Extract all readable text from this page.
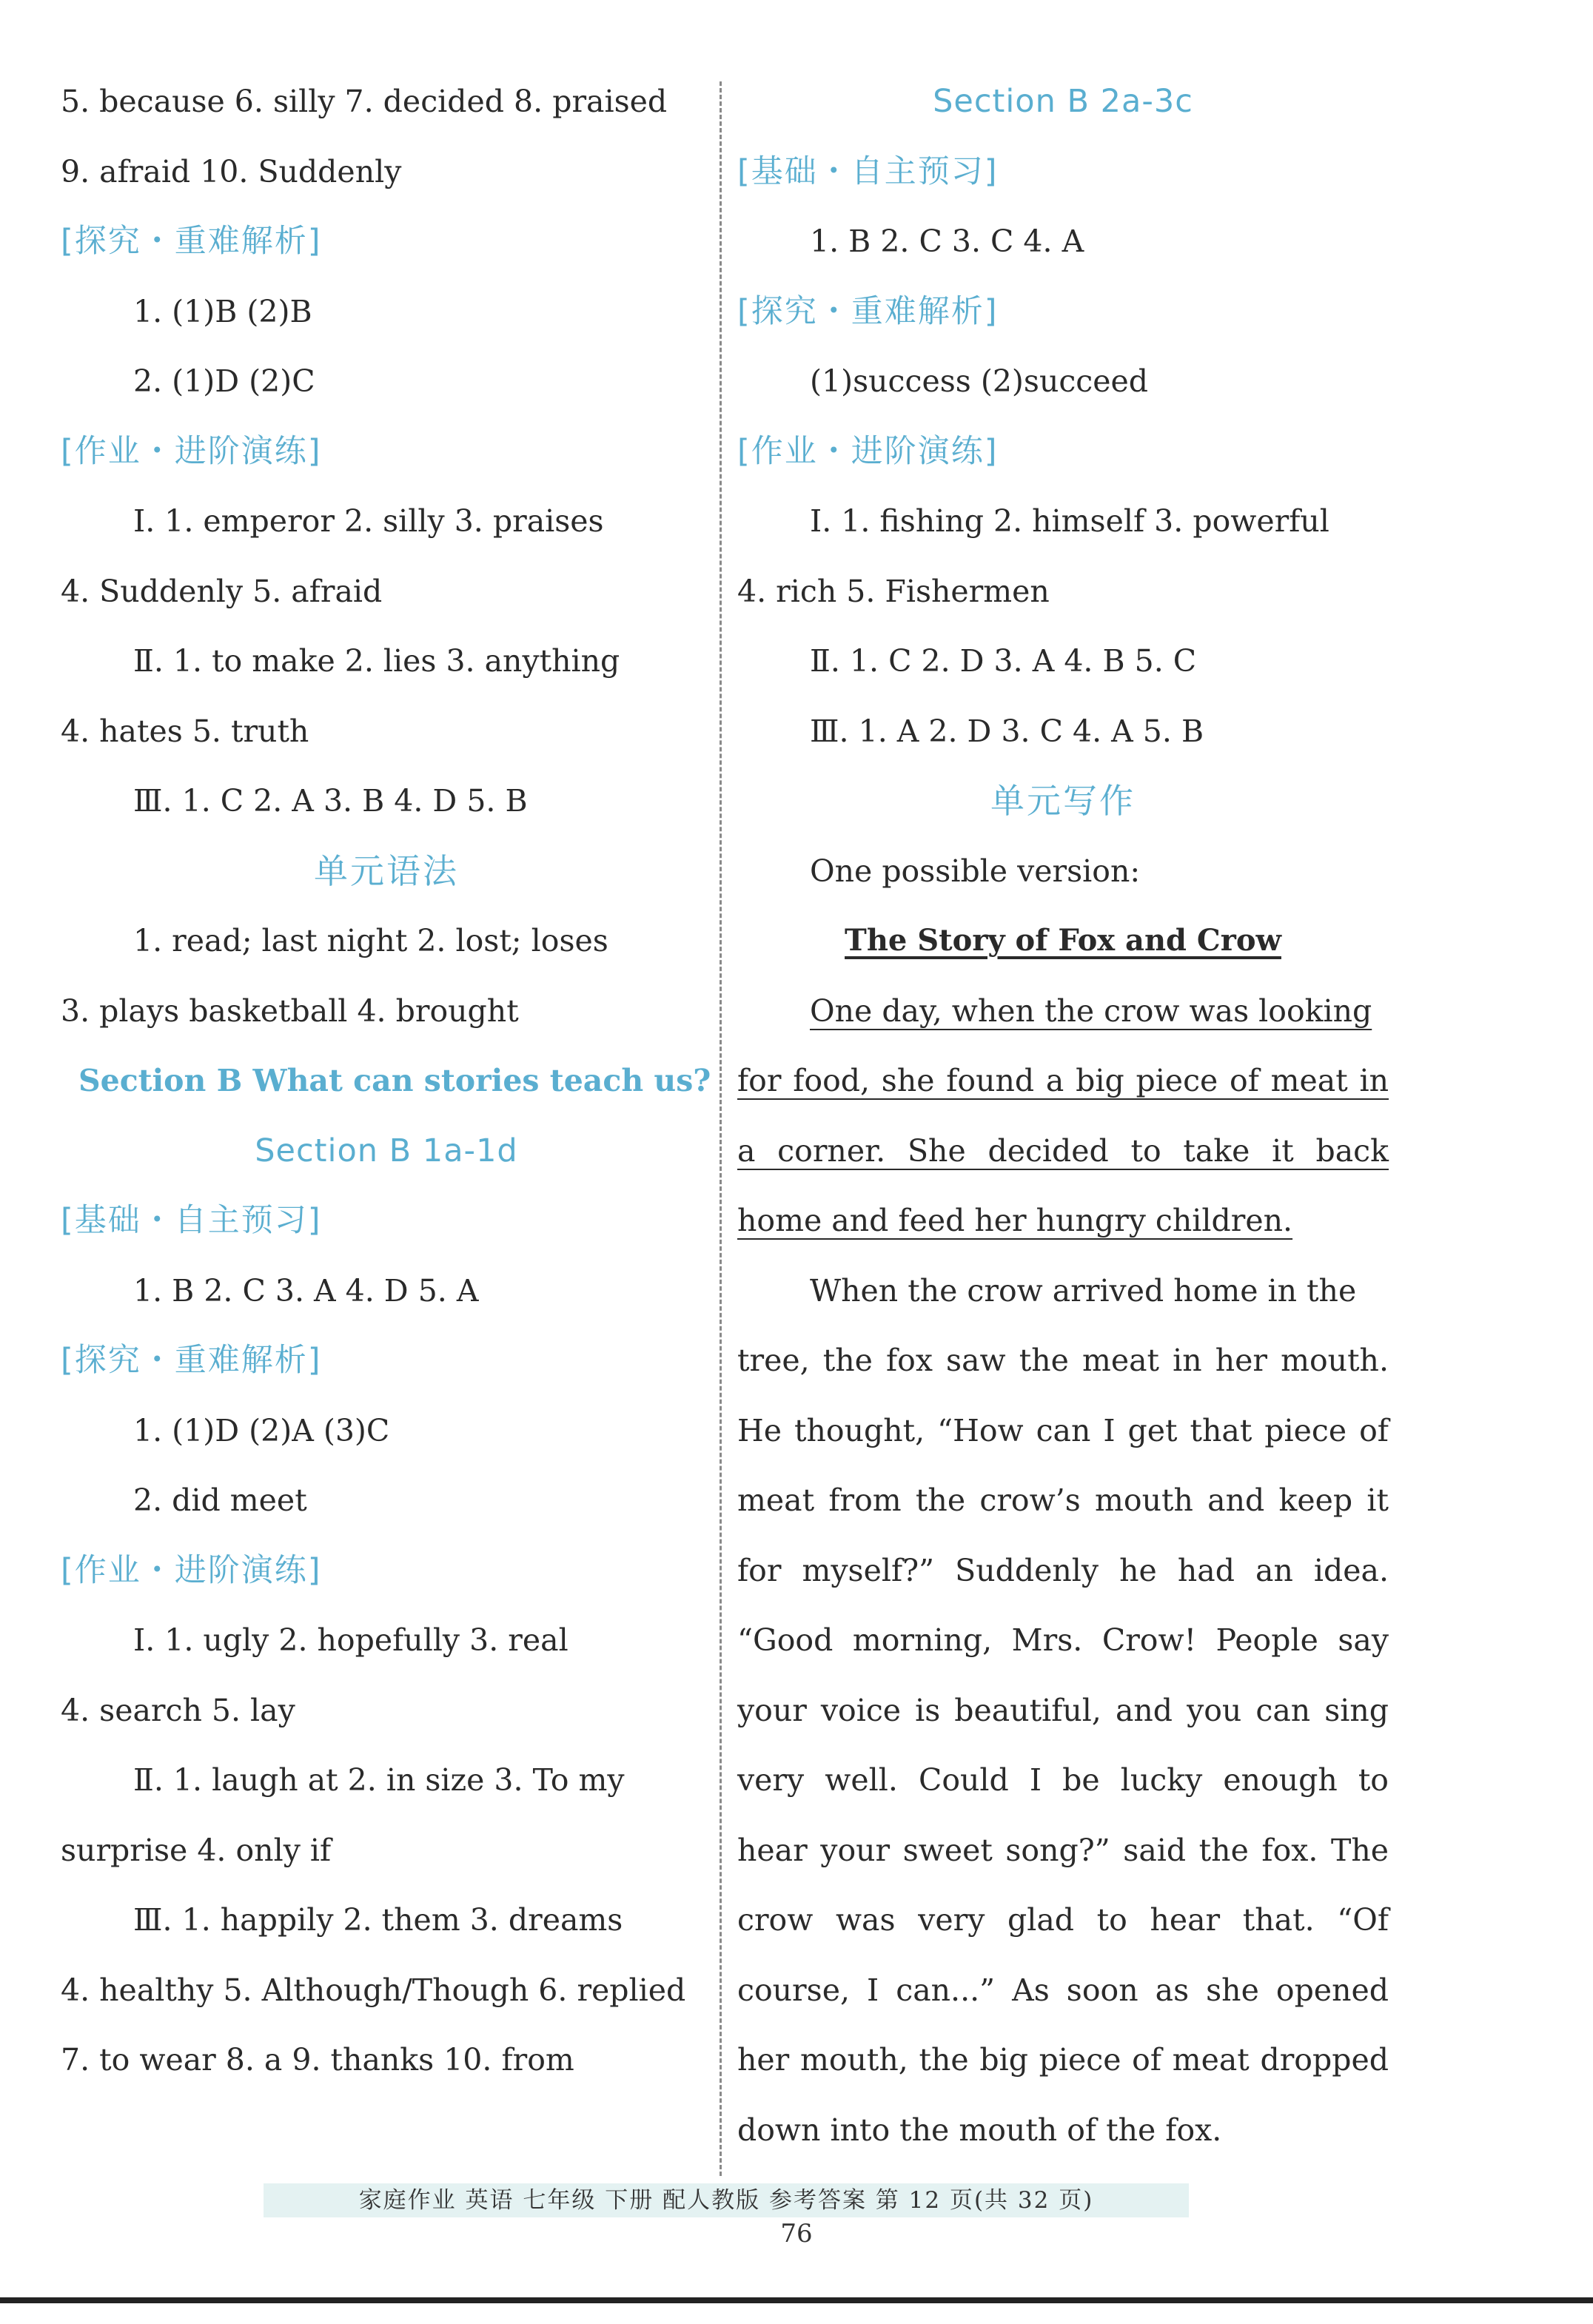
5. because 6. silly 7. decided 8. praised
9. afraid 10. Suddenly
[探究・重难解析]
1. (1)B (2)B
2. (1)D (2)C
[作业・进阶演练]
Ⅰ. 1. emperor 2. silly 3. praises
4. Suddenly 5. afraid
Ⅱ. 1. to make 2. lies 3. anything
4. hates 5. truth
Ⅲ. 1. C 2. A 3. B 4. D 5. B
单元语法
1. read; last night 2. lost; loses
3. plays basketball 4. brought
Section B What can stories teach us?
Section B 1a-1d
[基础・自主预习]
1. B 2. C 3. A 4. D 5. A
[探究・重难解析]
1. (1)D (2)A (3)C
2. did meet
[作业・进阶演练]
Ⅰ. 1. ugly 2. hopefully 3. real
4. search 5. lay
Ⅱ. 1. laugh at 2. in size 3. To my
surprise 4. only if
Ⅲ. 1. happily 2. them 3. dreams
4. healthy 5. Although/Though 6. replied
7. to wear 8. a 9. thanks 10. from
Section B 2a-3c
[基础・自主预习]
1. B 2. C 3. C 4. A
[探究・重难解析]
(1)success (2)succeed
[作业・进阶演练]
Ⅰ. 1. fishing 2. himself 3. powerful
4. rich 5. Fishermen
Ⅱ. 1. C 2. D 3. A 4. B 5. C
Ⅲ. 1. A 2. D 3. C 4. A 5. B
单元写作
One possible version:
The Story of Fox and Crow
One day, when the crow was looking
for food, she found a big piece of meat in a corner. She decided to take it back home and feed her hungry children.
When the crow arrived home in the
tree, the fox saw the meat in her mouth. He thought, “How can I get that piece of meat from the crow’s mouth and keep it for myself?” Suddenly he had an idea. “Good morning, Mrs. Crow! People say your voice is beautiful, and you can sing very well. Could I be lucky enough to hear your sweet song?” said the fox. The crow was very glad to hear that. “Of course, I can...” As soon as she opened her mouth, the big piece of meat dropped down into the mouth of the fox.
家庭作业 英语 七年级 下册 配人教版 参考答案 第 12 页(共 32 页)
76
